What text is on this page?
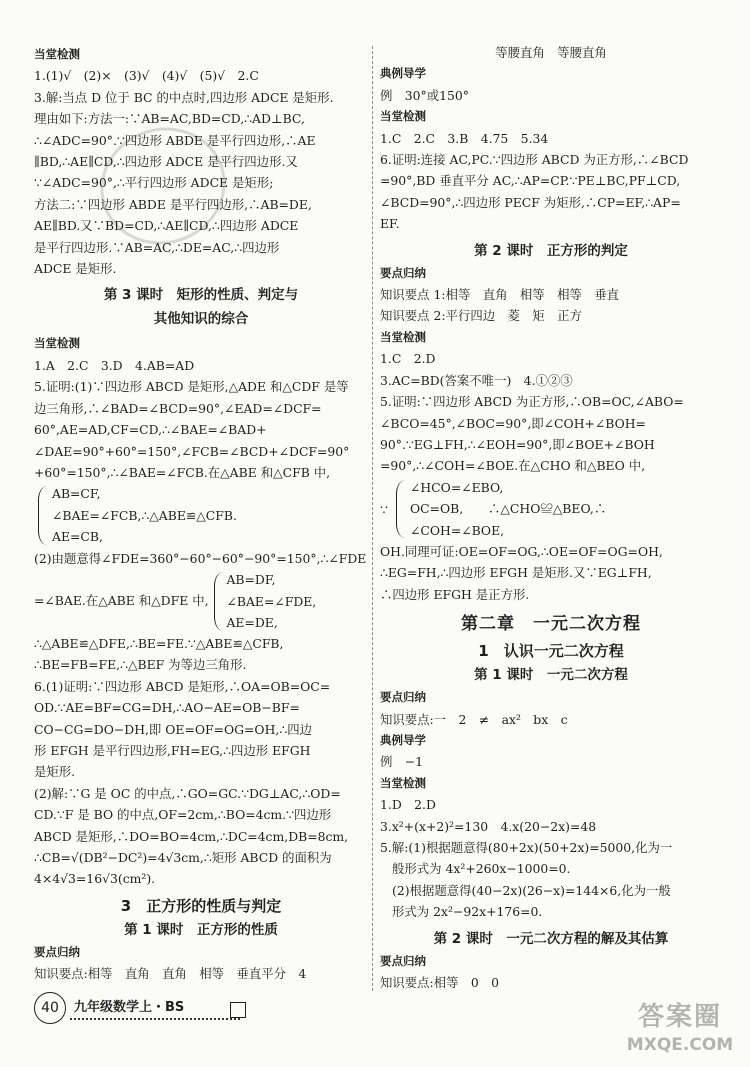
当堂检测
1.(1)√　(2)×　(3)√　(4)√　(5)√　2.C
3.解:当点 D 位于 BC 的中点时,四边形 ADCE 是矩形.
理由如下:方法一:∵AB=AC,BD=CD,∴AD⊥BC,
∴∠ADC=90°.∵四边形 ABDE 是平行四边形,∴AE
∥BD,∴AE∥CD,∴四边形 ADCE 是平行四边形.又
∵∠ADC=90°,∴平行四边形 ADCE 是矩形;
方法二:∵四边形 ABDE 是平行四边形,∴AB=DE,
AE∥BD.又∵BD=CD,∴AE∥CD,∴四边形 ADCE
是平行四边形.∵AB=AC,∴DE=AC,∴四边形
ADCE 是矩形.
第 3 课时　矩形的性质、判定与
其他知识的综合
当堂检测
1.A　2.C　3.D　4.AB=AD
5.证明:(1)∵四边形 ABCD 是矩形,△ADE 和△CDF 是等
边三角形,∴∠BAD=∠BCD=90°,∠EAD=∠DCF=
60°,AE=AD,CF=CD,∴∠BAE=∠BAD+
∠DAE=90°+60°=150°,∠FCB=∠BCD+∠DCF=90°
+60°=150°,∴∠BAE=∠FCB.在△ABE 和△CFB 中,
AB=CF,
∠BAE=∠FCB,∴△ABE≌△CFB.
AE=CB,
(2)由题意得∠FDE=360°−60°−60°−90°=150°,∴∠FDE
=∠BAE.在△ABE 和△DFE 中,
AB=DF,
∠BAE=∠FDE,
AE=DE,
∴△ABE≌△DFE,∴BE=FE.∵△ABE≌△CFB,
∴BE=FB=FE,∴△BEF 为等边三角形.
6.(1)证明:∵四边形 ABCD 是矩形,∴OA=OB=OC=
OD.∵AE=BF=CG=DH,∴AO−AE=OB−BF=
CO−CG=DO−DH,即 OE=OF=OG=OH,∴四边
形 EFGH 是平行四边形,FH=EG,∴四边形 EFGH
是矩形.
(2)解:∵G 是 OC 的中点,∴GO=GC.∵DG⊥AC,∴OD=
CD.∵F 是 BO 的中点,OF=2cm,∴BO=4cm.∵四边形
ABCD 是矩形,∴DO=BO=4cm,∴DC=4cm,DB=8cm,
∴CB=√(DB²−DC²)=4√3cm,∴矩形 ABCD 的面积为
4×4√3=16√3(cm²).
3　正方形的性质与判定
第 1 课时　正方形的性质
要点归纳
知识要点:相等　直角　直角　相等　垂直平分　4
等腰直角　等腰直角
典例导学
例　30°或150°
当堂检测
1.C　2.C　3.B　4.75　5.34
6.证明:连接 AC,PC.∵四边形 ABCD 为正方形,∴∠BCD
=90°,BD 垂直平分 AC,∴AP=CP.∵PE⊥BC,PF⊥CD,
∠BCD=90°,∴四边形 PECF 为矩形,∴CP=EF,∴AP=
EF.
第 2 课时　正方形的判定
要点归纳
知识要点 1:相等　直角　相等　相等　垂直
知识要点 2:平行四边　菱　矩　正方
当堂检测
1.C　2.D
3.AC=BD(答案不唯一)　4.①②③
5.证明:∵四边形 ABCD 为正方形,∴OB=OC,∠ABO=
∠BCO=45°,∠BOC=90°,即∠COH+∠BOH=
90°.∵EG⊥FH,∴∠EOH=90°,即∠BOE+∠BOH
=90°,∴∠COH=∠BOE.在△CHO 和△BEO 中,
∵
∠HCO=∠EBO,
OC=OB,　　 ∴△CHO≌△BEO,∴
∠COH=∠BOE,
OH.同理可证:OE=OF=OG,∴OE=OF=OG=OH,
∴EG=FH,∴四边形 EFGH 是矩形.又∵EG⊥FH,
∴四边形 EFGH 是正方形.
第二章　一元二次方程
1　认识一元二次方程
第 1 课时　一元二次方程
要点归纳
知识要点:一　2　≠　ax²　bx　c
典例导学
例　−1
当堂检测
1.D　2.D
3.x²+(x+2)²=130　4.x(20−2x)=48
5.解:(1)根据题意得(80+2x)(50+2x)=5000,化为一
般形式为 4x²+260x−1000=0.
(2)根据题意得(40−2x)(26−x)=144×6,化为一般
形式为 2x²−92x+176=0.
第 2 课时　一元二次方程的解及其估算
要点归纳
知识要点:相等　0　0
40	九年级数学上・BS	答案圈
MXQE.COM
